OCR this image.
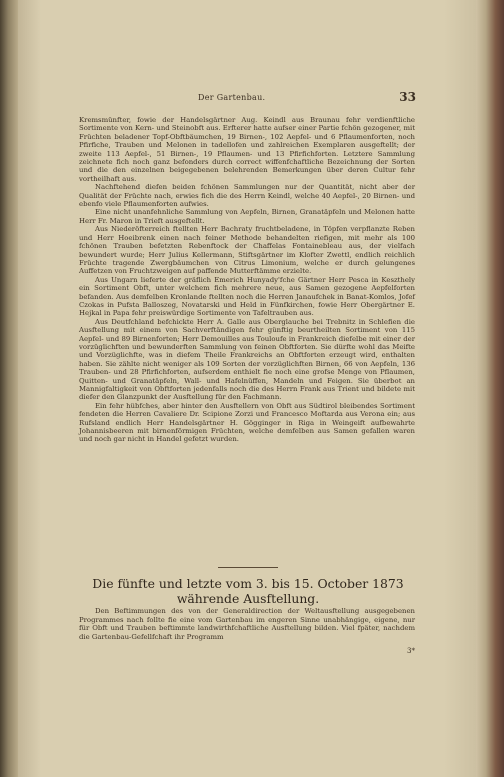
Der Gartenbau.	33

Kremsmünfter, fowie der Handelsgärtner Aug. Keindl aus Braunau fehr verdienftliche Sortimente von Kern- und Steinobft aus. Erfterer hatte aufser einer Partie fchön gezogener, mit Früchten beladener Topf-Obftbäumchen, 19 Birnen-, 102 Aepfel- und 6 Pflaumenforten, noch Pfirfiche, Trauben und Melonen in tadellofen und zahlreichen Exemplaren ausgeftellt; der zweite 113 Aepfel-, 51 Birnen-, 19 Pflaumen- und 13 Pfirfichforten. Letztere Sammlung zeichnete fich noch ganz befonders durch correct wiffenfchaftliche Bezeichnung der Sorten und die den einzelnen beigegebenen belehrenden Bemerkungen über deren Cultur fehr vortheilhaft aus.

Nachftehend diefen beiden fchönen Sammlungen nur der Quantität, nicht aber der Qualität der Früchte nach, erwies fich die des Herrn Keindl, welche 40 Aepfel-, 20 Birnen- und ebenfo viele Pflaumenforten aufwies.

Eine nicht unanfehnliche Sammlung von Aepfeln, Birnen, Granatäpfeln und Melonen hatte Herr Fr. Maron in Trieft ausgeftellt.

Aus Niederöfterreich ftellten Herr Bachraty fruchtbeladene, in Töpfen verpflanzte Reben und Herr Hoeibrenk einen nach feiner Methode behandelten riefigen, mit mehr als 100 fchönen Trauben befetzten Rebenftock der Chaffelas Fontainebleau aus, der vielfach bewundert wurde; Herr Julius Kellermann, Stiftsgärtner im Klofter Zwettl, endlich reichlich Früchte tragende Zwergbäumchen von Citrus Limonium, welche er durch gelungenes Auffetzen von Fruchtzweigen auf paffende Mutterftämme erzielte.

Aus Ungarn lieferte der gräflich Emerich Hunyady'fche Gärtner Herr Pesca in Keszthely ein Sortiment Obft, unter welchem fich mehrere neue, aus Samen gezogene Aepfelforten befanden. Aus demfelben Kronlande ftellten noch die Herren Janaufchek in Banat-Komlos, Jofef Czokas in Pufsta Balloszeg, Novatarski und Held in Fünfkirchen, fowie Herr Obergärtner E. Hejkal in Papa fehr preiswürdige Sortimente von Tafeltrauben aus.

Aus Deutfchland befchickte Herr A. Galle aus Oberglauche bei Trebnitz in Schlefien die Ausftellung mit einem von Sachverftändigen fehr günftig beurtheilten Sortiment von 115 Aepfel- und 89 Birnenforten; Herr Demouilles aus Touloufe in Frankreich diefelbe mit einer der vorzüglichften und bewunderften Sammlung von feinen Obftforten. Sie dürfte wohl das Meifte und Vorzüglichfte, was in diefem Theile Frankreichs an Obftforten erzeugt wird, enthalten haben. Sie zählte nicht weniger als 109 Sorten der vorzüglichften Birnen, 66 von Aepfeln, 136 Trauben- und 28 Pfirfichforten, aufserdem enthielt fie noch eine grofse Menge von Pflaumen, Quitten- und Granatäpfeln, Wall- und Hafelnüffen, Mandeln und Feigen. Sie überbot an Mannigfaltigkeit von Obftforten jedenfalls noch die des Herrn Frank aus Trient und bildete mit diefer den Glanzpunkt der Ausftellung für den Fachmann.

Ein fehr hübfches, aber hinter den Ausftellern von Obft aus Südtirol bleibendes Sortiment fendeten die Herren Cavaliere Dr. Scipione Zorzi und Francesco Moftarda aus Verona ein; aus Rufsland endlich Herr Handelsgärtner H. Gögginger in Riga in Weingeift aufbewahrte Johannisbeeren mit birnenförmigen Früchten, welche demfelben aus Samen gefallen waren und noch gar nicht in Handel gefetzt wurden.

Die fünfte und letzte vom 3. bis 15. October 1873 währende Ausftellung.

Den Beftimmungen des von der Generaldirection der Weltausftellung ausgegebenen Programmes nach follte fie eine vom Gartenbau im engeren Sinne unabhängige, eigene, nur für Obft und Trauben beftimmte landwirthfchaftliche Ausftellung bilden. Viel fpäter, nachdem die Gartenbau-Gefellfchaft ihr Programm

3*
